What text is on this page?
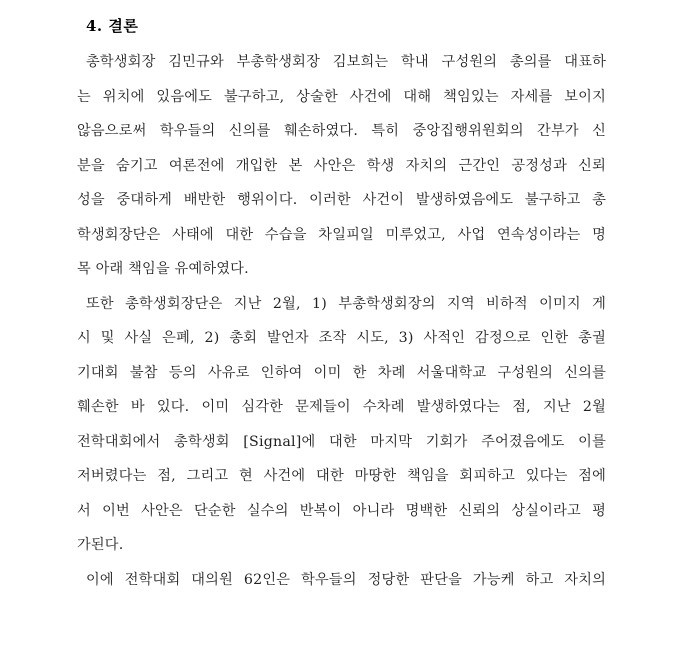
4. 결론
총학생회장 김민규와 부총학생회장 김보희는 학내 구성원의 총의를 대표하
는 위치에 있음에도 불구하고, 상술한 사건에 대해 책임있는 자세를 보이지
않음으로써 학우들의 신의를 훼손하였다. 특히 중앙집행위원회의 간부가 신
분을 숨기고 여론전에 개입한 본 사안은 학생 자치의 근간인 공정성과 신뢰
성을 중대하게 배반한 행위이다. 이러한 사건이 발생하였음에도 불구하고 총
학생회장단은 사태에 대한 수습을 차일피일 미루었고, 사업 연속성이라는 명
목 아래 책임을 유예하였다.
또한 총학생회장단은 지난 2월, 1) 부총학생회장의 지역 비하적 이미지 게
시 및 사실 은폐, 2) 총회 발언자 조작 시도, 3) 사적인 감정으로 인한 총궐
기대회 불참 등의 사유로 인하여 이미 한 차례 서울대학교 구성원의 신의를
훼손한 바 있다. 이미 심각한 문제들이 수차례 발생하였다는 점, 지난 2월
전학대회에서 총학생회 [Signal]에 대한 마지막 기회가 주어졌음에도 이를
저버렸다는 점, 그리고 현 사건에 대한 마땅한 책임을 회피하고 있다는 점에
서 이번 사안은 단순한 실수의 반복이 아니라 명백한 신뢰의 상실이라고 평
가된다.
이에 전학대회 대의원 62인은 학우들의 정당한 판단을 가능케 하고 자치의
